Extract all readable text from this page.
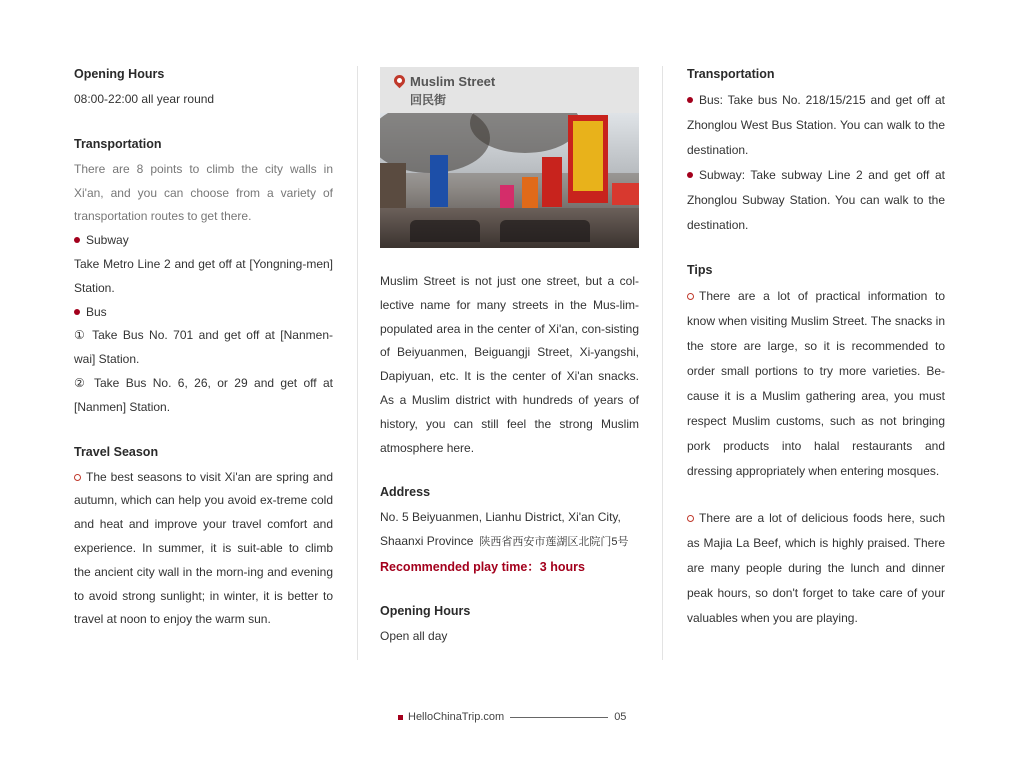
Opening Hours
08:00-22:00 all year round
Transportation
There are 8 points to climb the city walls in Xi'an, and you can choose from a variety of transportation routes to get there.
Subway
Take Metro Line 2 and get off at [Yongning-men] Station.
Bus
① Take Bus No. 701 and get off at [Nanmen-wai] Station.
② Take Bus No. 6, 26, or 29 and get off at [Nanmen] Station.
Travel Season
The best seasons to visit Xi'an are spring and autumn, which can help you avoid ex-treme cold and heat and improve your travel comfort and experience. In summer, it is suit-able to climb the ancient city wall in the morn-ing and evening to avoid strong sunlight; in winter, it is better to travel at noon to enjoy the warm sun.
Muslim Street
回民街
Muslim Street is not just one street, but a col-lective name for many streets in the Mus-lim-populated area in the center of Xi'an, con-sisting of Beiyuanmen, Beiguangji Street, Xi-yangshi, Dapiyuan, etc. It is the center of Xi'an snacks. As a Muslim district with hundreds of years of history, you can still feel the strong Muslim atmosphere here.
Address
No. 5 Beiyuanmen, Lianhu District, Xi'an City, Shaanxi Province 陕西省西安市莲湖区北院门5号
Recommended play time：3 hours
Opening Hours
Open all day
Transportation
Bus: Take bus No. 218/15/215 and get off at Zhonglou West Bus Station. You can walk to the destination.
Subway: Take subway Line 2 and get off at Zhonglou Subway Station. You can walk to the destination.
Tips
There are a lot of practical information to know when visiting Muslim Street. The snacks in the store are large, so it is recommended to order small portions to try more varieties. Be-cause it is a Muslim gathering area, you must respect Muslim customs, such as not bringing pork products into halal restaurants and dressing appropriately when entering mosques.
There are a lot of delicious foods here, such as Majia La Beef, which is highly praised. There are many people during the lunch and dinner peak hours, so don't forget to take care of your valuables when you are playing.
HelloChinaTrip.com	05
